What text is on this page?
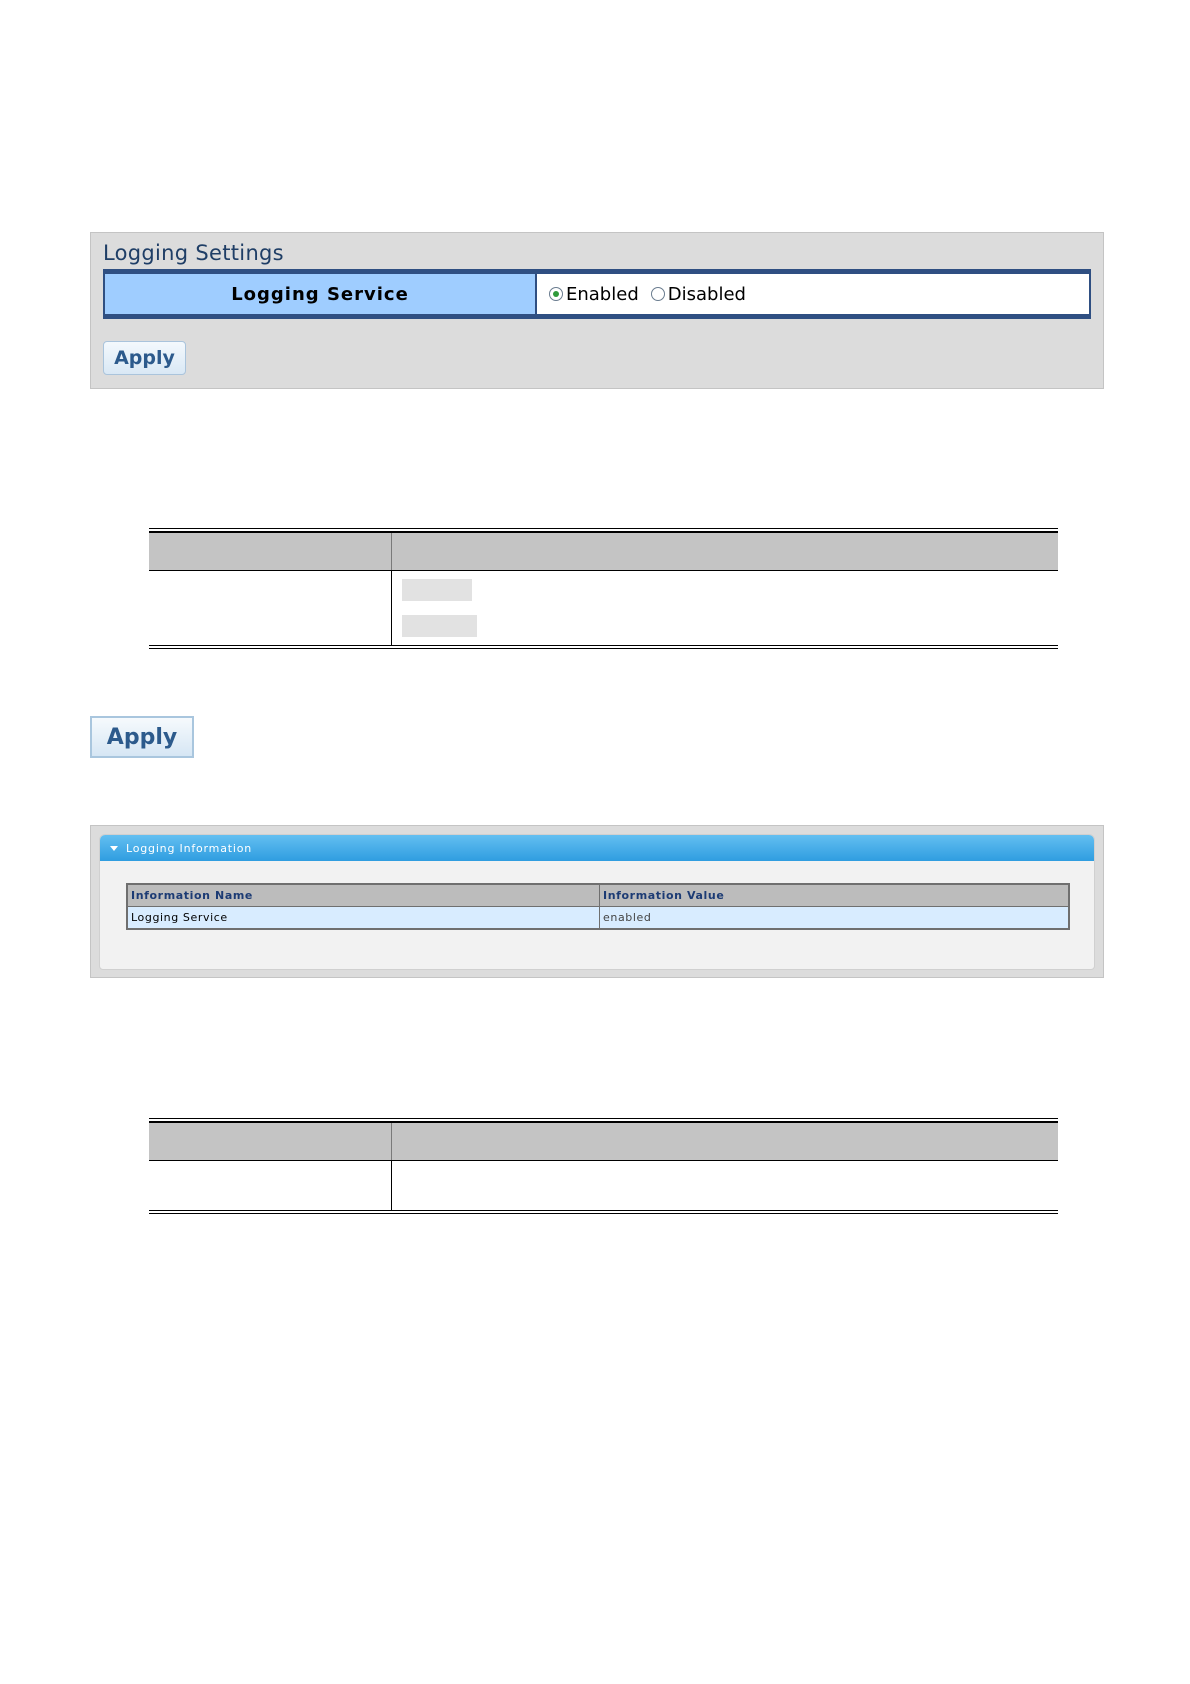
Logging Settings
Logging Service	Enabled Disabled
Apply
Apply
Logging Information
Information Name	Information Value
Logging Service	enabled
